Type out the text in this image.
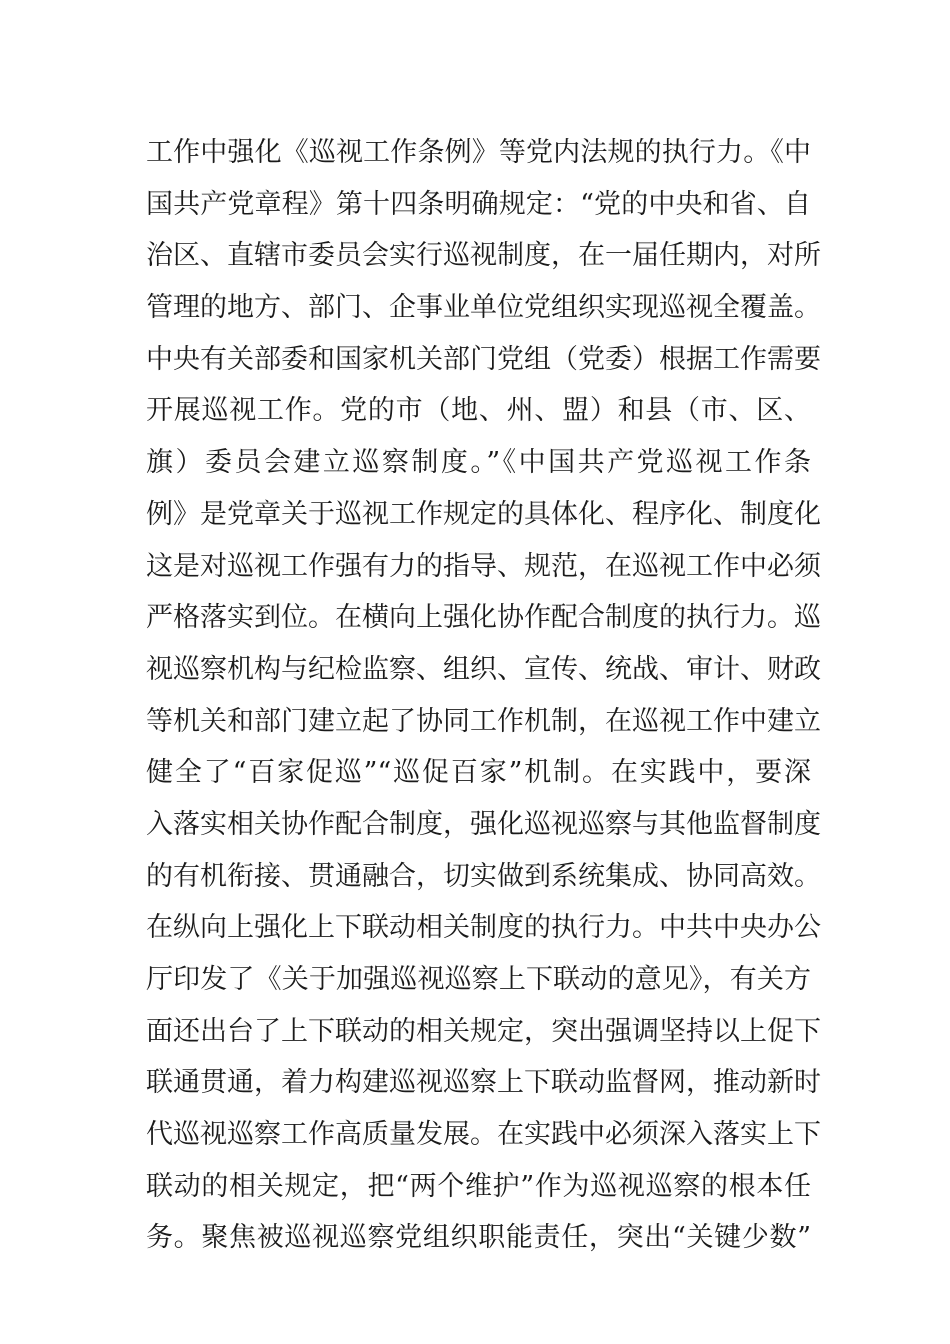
工作中强化《巡视工作条例》等党内法规的执行力。《中
国共产党章程》第十四条明确规定：“党的中央和省、自
治区、直辖市委员会实行巡视制度，在一届任期内，对所
管理的地方、部门、企事业单位党组织实现巡视全覆盖。
中央有关部委和国家机关部门党组（党委）根据工作需要
开展巡视工作。党的市（地、州、盟）和县（市、区、
旗）委员会建立巡察制度。”《中国共产党巡视工作条
例》是党章关于巡视工作规定的具体化、程序化、制度化
这是对巡视工作强有力的指导、规范，在巡视工作中必须
严格落实到位。在横向上强化协作配合制度的执行力。巡
视巡察机构与纪检监察、组织、宣传、统战、审计、财政
等机关和部门建立起了协同工作机制，在巡视工作中建立
健全了“百家促巡”“巡促百家”机制。在实践中，要深
入落实相关协作配合制度，强化巡视巡察与其他监督制度
的有机衔接、贯通融合，切实做到系统集成、协同高效。
在纵向上强化上下联动相关制度的执行力。中共中央办公
厅印发了《关于加强巡视巡察上下联动的意见》，有关方
面还出台了上下联动的相关规定，突出强调坚持以上促下
联通贯通，着力构建巡视巡察上下联动监督网，推动新时
代巡视巡察工作高质量发展。在实践中必须深入落实上下
联动的相关规定，把“两个维护”作为巡视巡察的根本任
务。聚焦被巡视巡察党组织职能责任，突出“关键少数”
